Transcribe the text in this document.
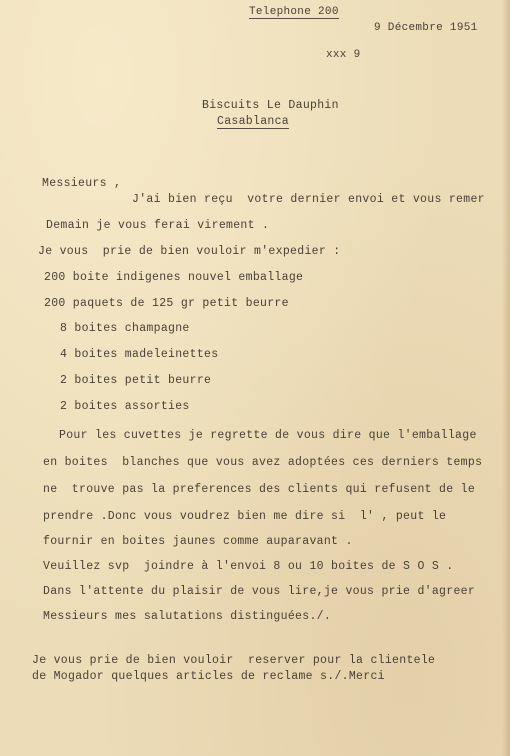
Telephone 200
9 Décembre 1951
xxx 9
Biscuits Le Dauphin
Casablanca
Messieurs ,
J'ai bien reçu  votre dernier envoi et vous remer
Demain je vous ferai virement .
Je vous  prie de bien vouloir m'expedier :
200 boite indigenes nouvel emballage
200 paquets de 125 gr petit beurre
8 boites champagne
4 boites madeleinettes
2 boites petit beurre
2 boites assorties
Pour les cuvettes je regrette de vous dire que l'emballage
en boites  blanches que vous avez adoptées ces derniers temps
ne  trouve pas la preferences des clients qui refusent de le
prendre .Donc vous voudrez bien me dire si  l' , peut le
fournir en boites jaunes comme auparavant .
Veuillez svp  joindre à l'envoi 8 ou 10 boites de S O S .
Dans l'attente du plaisir de vous lire,je vous prie d'agreer
Messieurs mes salutations distinguées./.
Je vous prie de bien vouloir  reserver pour la clientele
de Mogador quelques articles de reclame s./.Merci
